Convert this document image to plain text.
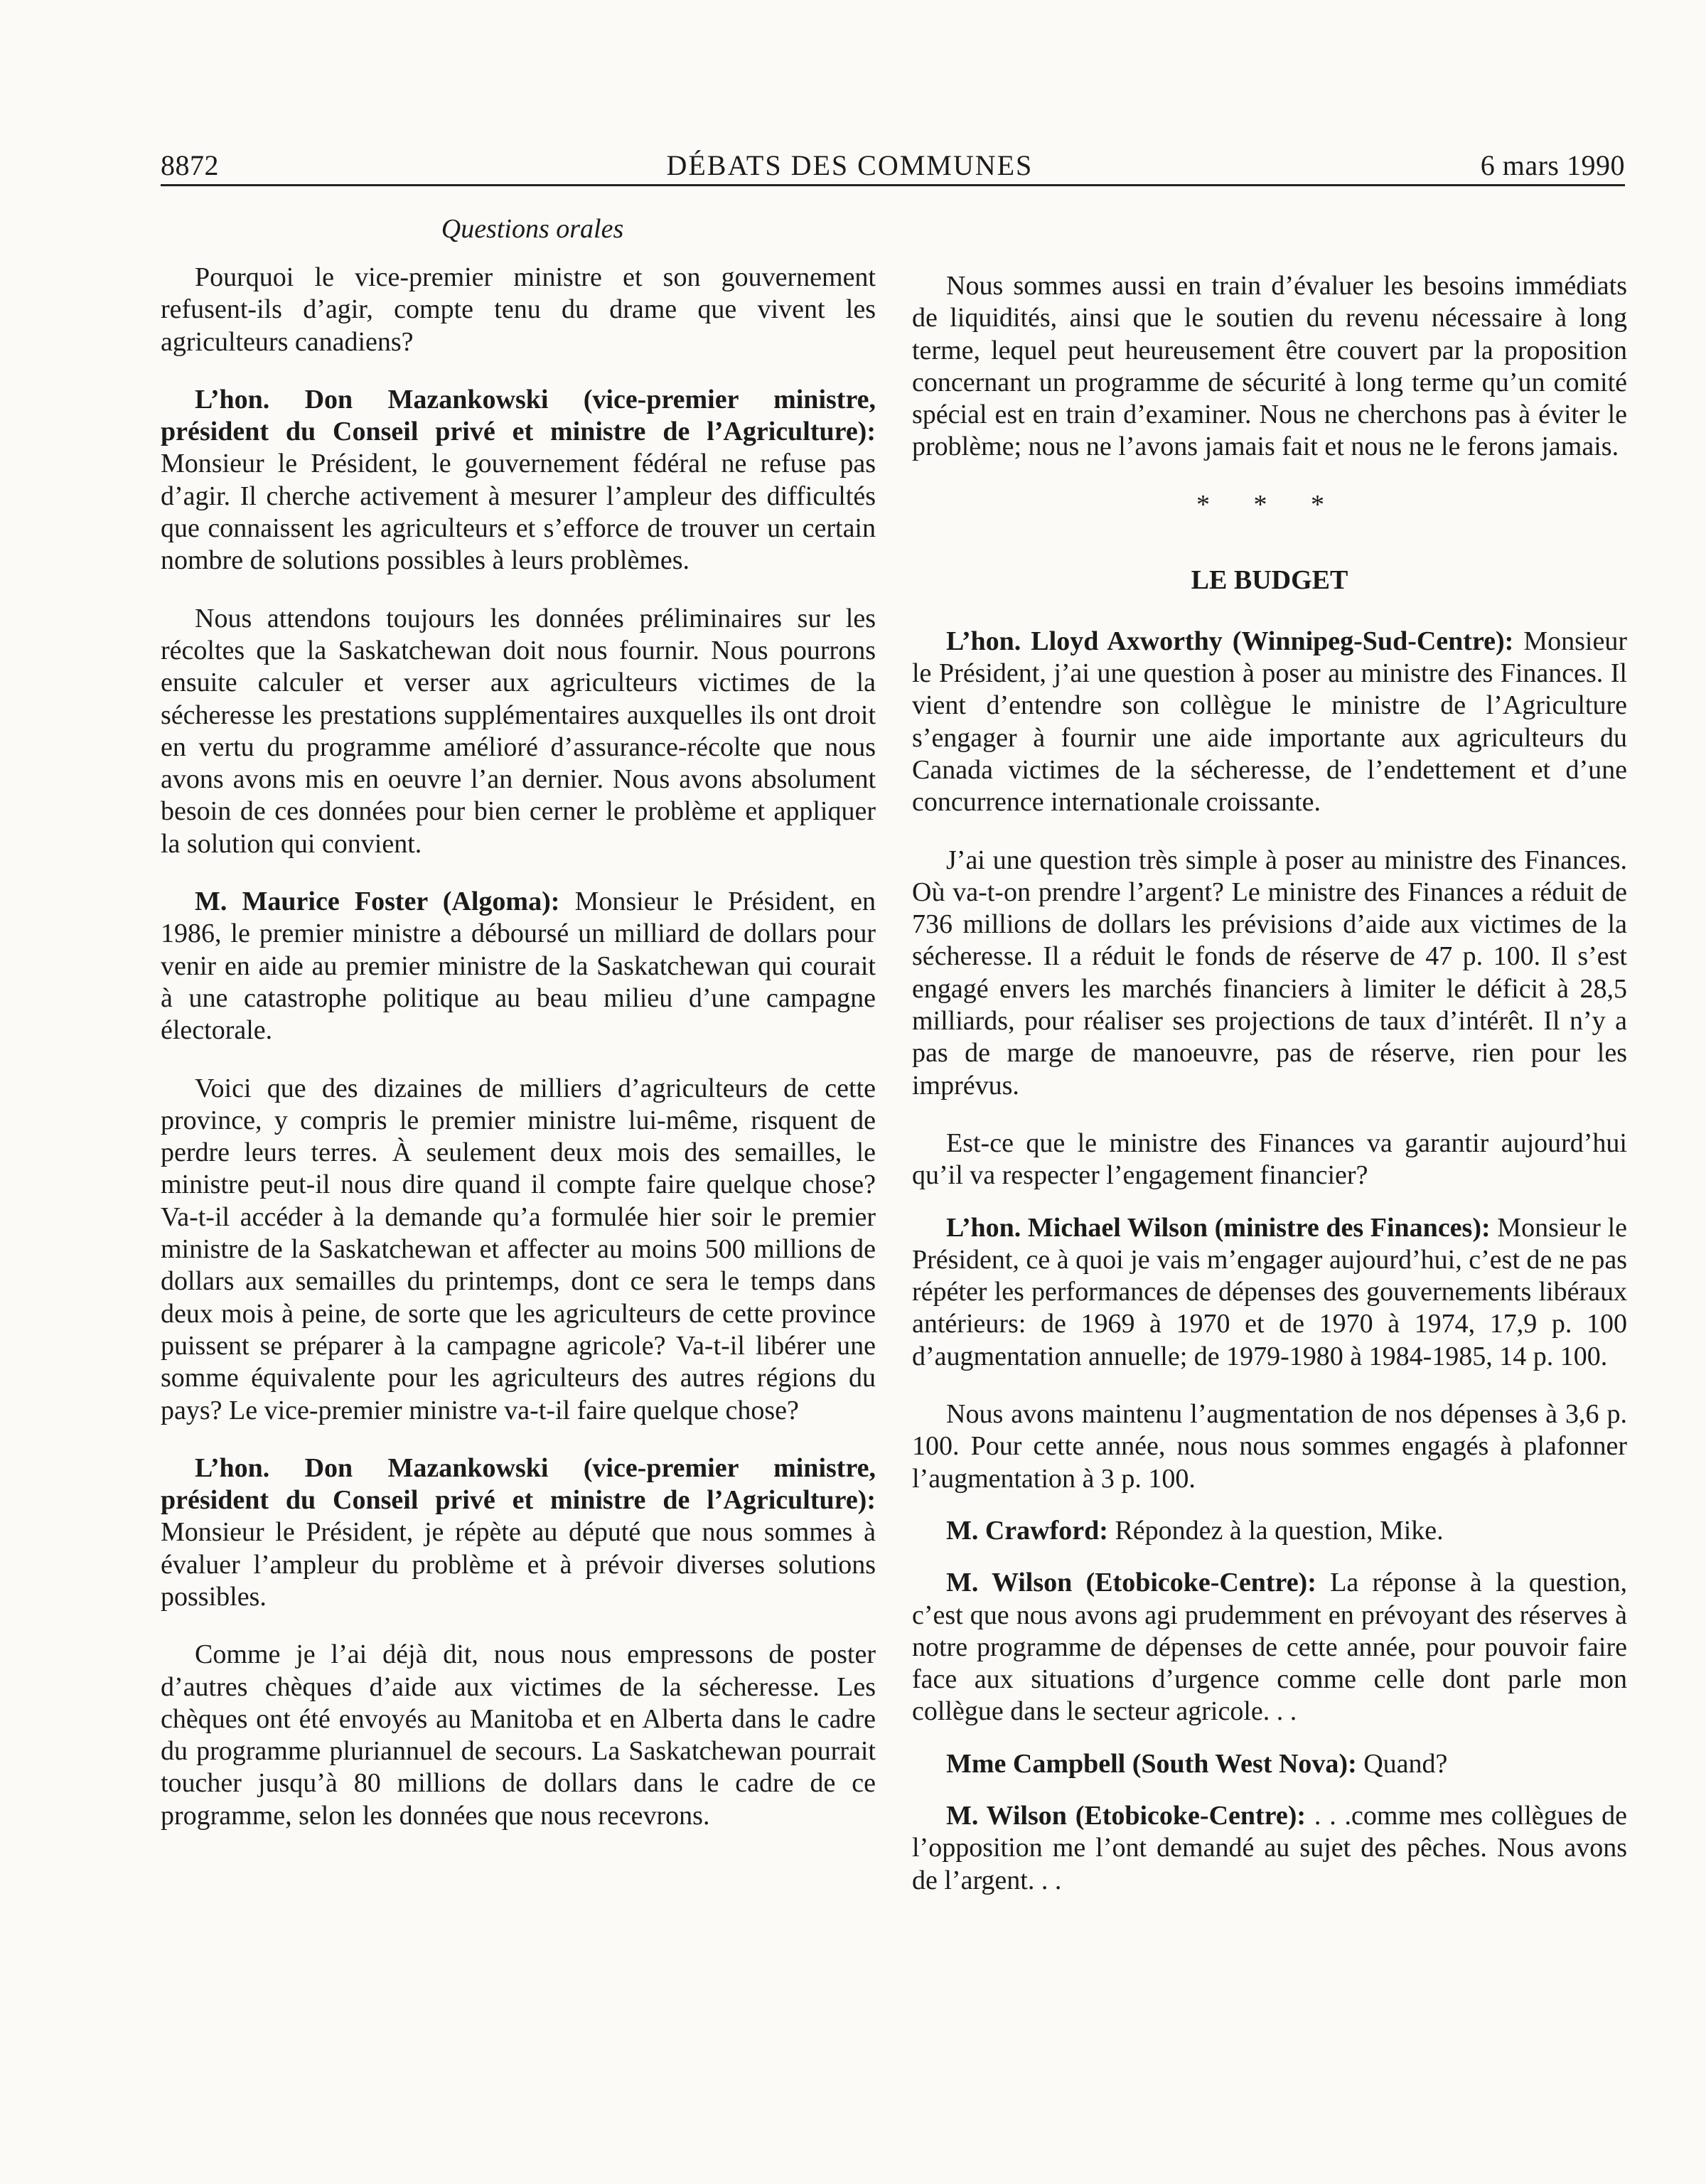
8872	DÉBATS DES COMMUNES	6 mars 1990
Questions orales

Pourquoi le vice-premier ministre et son gouvernement refusent-ils d’agir, compte tenu du drame que vivent les agriculteurs canadiens?

L’hon. Don Mazankowski (vice-premier ministre, président du Conseil privé et ministre de l’Agriculture): Monsieur le Président, le gouvernement fédéral ne refuse pas d’agir. Il cherche activement à mesurer l’ampleur des difficultés que connaissent les agriculteurs et s’efforce de trouver un certain nombre de solutions possibles à leurs problèmes.

Nous attendons toujours les données préliminaires sur les récoltes que la Saskatchewan doit nous fournir. Nous pourrons ensuite calculer et verser aux agriculteurs victimes de la sécheresse les prestations supplémentaires auxquelles ils ont droit en vertu du programme amélioré d’assurance-récolte que nous avons avons mis en oeuvre l’an dernier. Nous avons absolument besoin de ces données pour bien cerner le problème et appliquer la solution qui convient.

M. Maurice Foster (Algoma): Monsieur le Président, en 1986, le premier ministre a déboursé un milliard de dollars pour venir en aide au premier ministre de la Saskatchewan qui courait à une catastrophe politique au beau milieu d’une campagne électorale.

Voici que des dizaines de milliers d’agriculteurs de cette province, y compris le premier ministre lui-même, risquent de perdre leurs terres. À seulement deux mois des semailles, le ministre peut-il nous dire quand il compte faire quelque chose? Va-t-il accéder à la demande qu’a formulée hier soir le premier ministre de la Saskatchewan et affecter au moins 500 millions de dollars aux semailles du printemps, dont ce sera le temps dans deux mois à peine, de sorte que les agriculteurs de cette province puissent se préparer à la campagne agricole? Va-t-il libérer une somme équivalente pour les agriculteurs des autres régions du pays? Le vice-premier ministre va-t-il faire quelque chose?

L’hon. Don Mazankowski (vice-premier ministre, président du Conseil privé et ministre de l’Agriculture): Monsieur le Président, je répète au député que nous sommes à évaluer l’ampleur du problème et à prévoir diverses solutions possibles.

Comme je l’ai déjà dit, nous nous empressons de poster d’autres chèques d’aide aux victimes de la sécheresse. Les chèques ont été envoyés au Manitoba et en Alberta dans le cadre du programme pluriannuel de secours. La Saskatchewan pourrait toucher jusqu’à 80 millions de dollars dans le cadre de ce programme, selon les données que nous recevrons.

Nous sommes aussi en train d’évaluer les besoins immédiats de liquidités, ainsi que le soutien du revenu nécessaire à long terme, lequel peut heureusement être couvert par la proposition concernant un programme de sécurité à long terme qu’un comité spécial est en train d’examiner. Nous ne cherchons pas à éviter le problème; nous ne l’avons jamais fait et nous ne le ferons jamais.

* * *
LE BUDGET

L’hon. Lloyd Axworthy (Winnipeg-Sud-Centre): Monsieur le Président, j’ai une question à poser au ministre des Finances. Il vient d’entendre son collègue le ministre de l’Agriculture s’engager à fournir une aide importante aux agriculteurs du Canada victimes de la sécheresse, de l’endettement et d’une concurrence internationale croissante.

J’ai une question très simple à poser au ministre des Finances. Où va-t-on prendre l’argent? Le ministre des Finances a réduit de 736 millions de dollars les prévisions d’aide aux victimes de la sécheresse. Il a réduit le fonds de réserve de 47 p. 100. Il s’est engagé envers les marchés financiers à limiter le déficit à 28,5 milliards, pour réaliser ses projections de taux d’intérêt. Il n’y a pas de marge de manoeuvre, pas de réserve, rien pour les imprévus.

Est-ce que le ministre des Finances va garantir aujourd’hui qu’il va respecter l’engagement financier?

L’hon. Michael Wilson (ministre des Finances): Monsieur le Président, ce à quoi je vais m’engager aujourd’hui, c’est de ne pas répéter les performances de dépenses des gouvernements libéraux antérieurs: de 1969 à 1970 et de 1970 à 1974, 17,9 p. 100 d’augmentation annuelle; de 1979-1980 à 1984-1985, 14 p. 100.

Nous avons maintenu l’augmentation de nos dépenses à 3,6 p. 100. Pour cette année, nous nous sommes engagés à plafonner l’augmentation à 3 p. 100.

M. Crawford: Répondez à la question, Mike.

M. Wilson (Etobicoke-Centre): La réponse à la question, c’est que nous avons agi prudemment en prévoyant des réserves à notre programme de dépenses de cette année, pour pouvoir faire face aux situations d’urgence comme celle dont parle mon collègue dans le secteur agricole. . .

Mme Campbell (South West Nova): Quand?

M. Wilson (Etobicoke-Centre): . . .comme mes collègues de l’opposition me l’ont demandé au sujet des pêches. Nous avons de l’argent. . .
